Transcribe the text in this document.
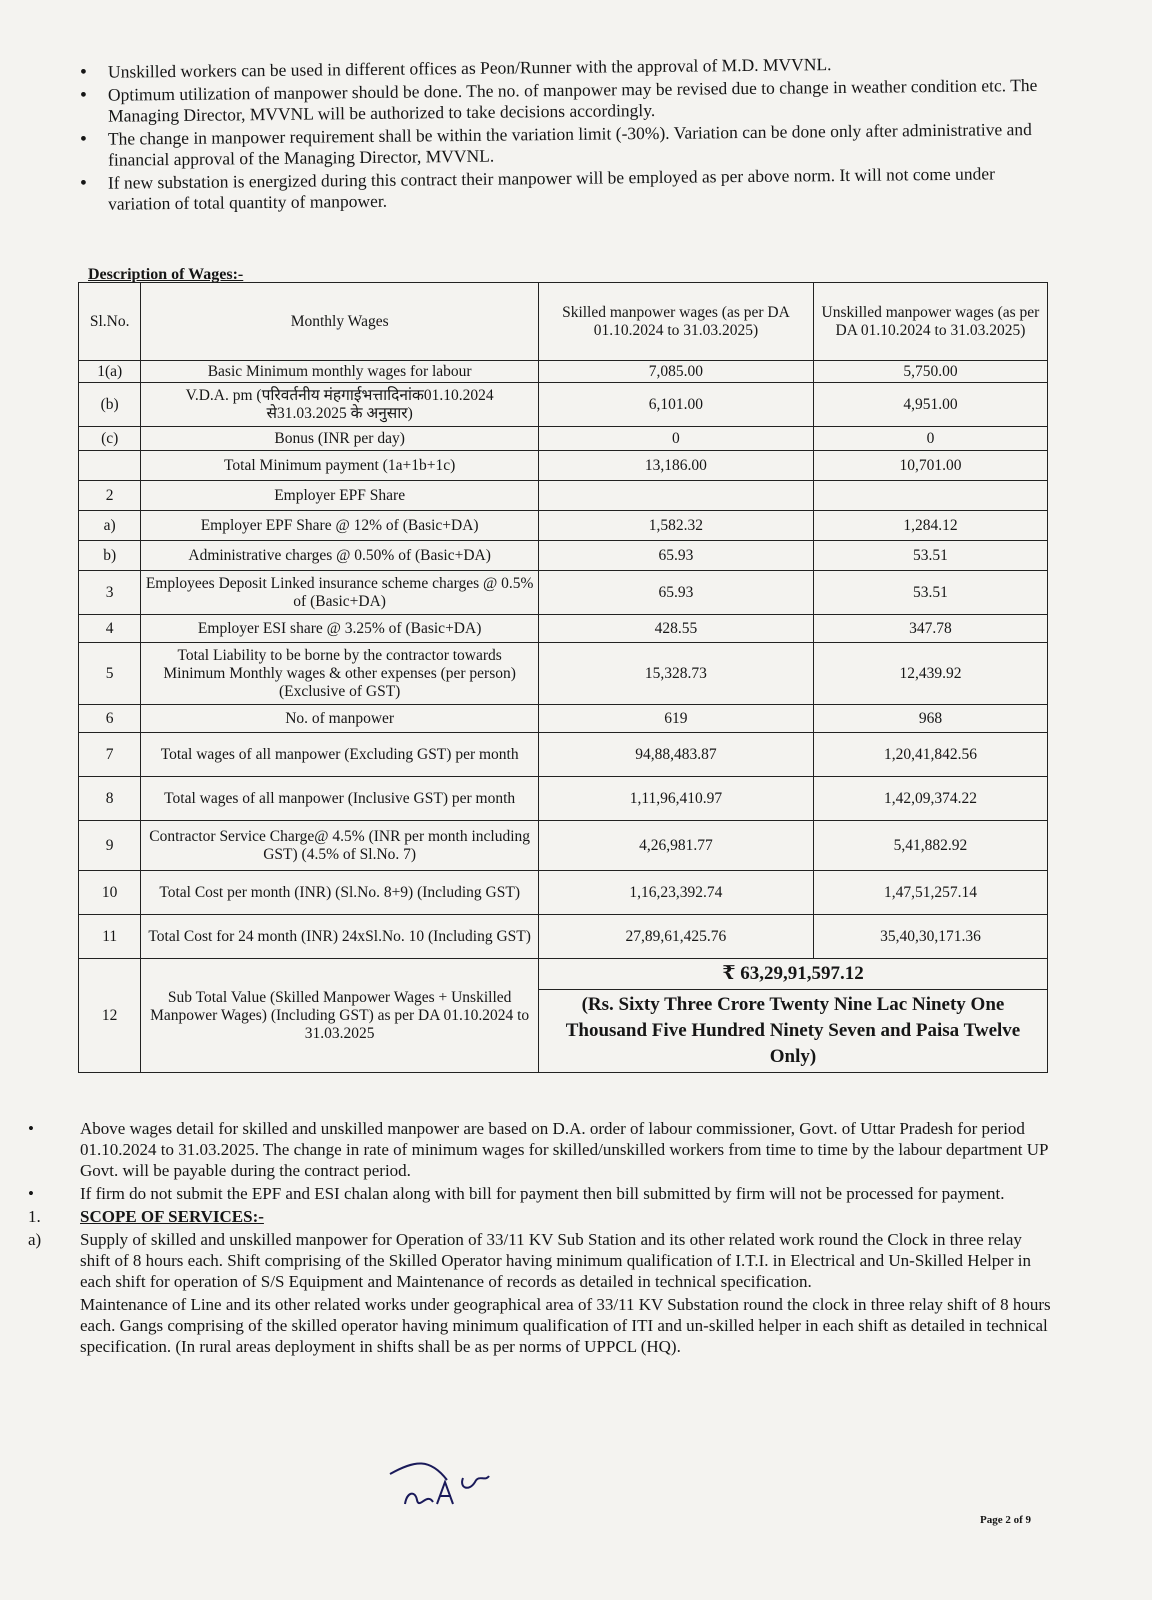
• Unskilled workers can be used in different offices as Peon/Runner with the approval of M.D. MVVNL.
• Optimum utilization of manpower should be done. The no. of manpower may be revised due to change in weather condition etc. The Managing Director, MVVNL will be authorized to take decisions accordingly.
• The change in manpower requirement shall be within the variation limit (-30%). Variation can be done only after administrative and financial approval of the Managing Director, MVVNL.
• If new substation is energized during this contract their manpower will be employed as per above norm. It will not come under variation of total quantity of manpower.
Description of Wages:-
Sl.No.	Monthly Wages	Skilled manpower wages (as per DA 01.10.2024 to 31.03.2025)	Unskilled manpower wages (as per DA 01.10.2024 to 31.03.2025)
1(a)	Basic Minimum monthly wages for labour	7,085.00	5,750.00
(b)	V.D.A. pm (परिवर्तनीय मंहगाईभत्तादिनांक01.10.2024 से31.03.2025 के अनुसार)	6,101.00	4,951.00
(c)	Bonus (INR per day)	0	0
	Total Minimum payment (1a+1b+1c)	13,186.00	10,701.00
2	Employer EPF Share		
a)	Employer EPF Share @ 12% of (Basic+DA)	1,582.32	1,284.12
b)	Administrative charges @ 0.50% of (Basic+DA)	65.93	53.51
3	Employees Deposit Linked insurance scheme charges @ 0.5% of (Basic+DA)	65.93	53.51
4	Employer ESI share @ 3.25% of (Basic+DA)	428.55	347.78
5	Total Liability to be borne by the contractor towards Minimum Monthly wages & other expenses (per person) (Exclusive of GST)	15,328.73	12,439.92
6	No. of manpower	619	968
7	Total wages of all manpower (Excluding GST) per month	94,88,483.87	1,20,41,842.56
8	Total wages of all manpower (Inclusive GST) per month	1,11,96,410.97	1,42,09,374.22
9	Contractor Service Charge@ 4.5% (INR per month including GST) (4.5% of Sl.No. 7)	4,26,981.77	5,41,882.92
10	Total Cost per month (INR) (Sl.No. 8+9) (Including GST)	1,16,23,392.74	1,47,51,257.14
11	Total Cost for 24 month (INR) 24xSl.No. 10 (Including GST)	27,89,61,425.76	35,40,30,171.36
12	Sub Total Value (Skilled Manpower Wages + Unskilled Manpower Wages) (Including GST) as per DA 01.10.2024 to 31.03.2025	₹ 63,29,91,597.12
(Rs. Sixty Three Crore Twenty Nine Lac Ninety One Thousand Five Hundred Ninety Seven and Paisa Twelve Only)	
•	Above wages detail for skilled and unskilled manpower are based on D.A. order of labour commissioner, Govt. of Uttar Pradesh for period 01.10.2024 to 31.03.2025. The change in rate of minimum wages for skilled/unskilled workers from time to time by the labour department UP Govt. will be payable during the contract period.
•	If firm do not submit the EPF and ESI chalan along with bill for payment then bill submitted by firm will not be processed for payment.
1.	SCOPE OF SERVICES:-
a)	Supply of skilled and unskilled manpower for Operation of 33/11 KV Sub Station and its other related work round the Clock in three relay shift of 8 hours each. Shift comprising of the Skilled Operator having minimum qualification of I.T.I. in Electrical and Un-Skilled Helper in each shift for operation of S/S Equipment and Maintenance of records as detailed in technical specification.
Maintenance of Line and its other related works under geographical area of 33/11 KV Substation round the clock in three relay shift of 8 hours each. Gangs comprising of the skilled operator having minimum qualification of ITI and un-skilled helper in each shift as detailed in technical specification. (In rural areas deployment in shifts shall be as per norms of UPPCL (HQ).
Page 2 of 9
